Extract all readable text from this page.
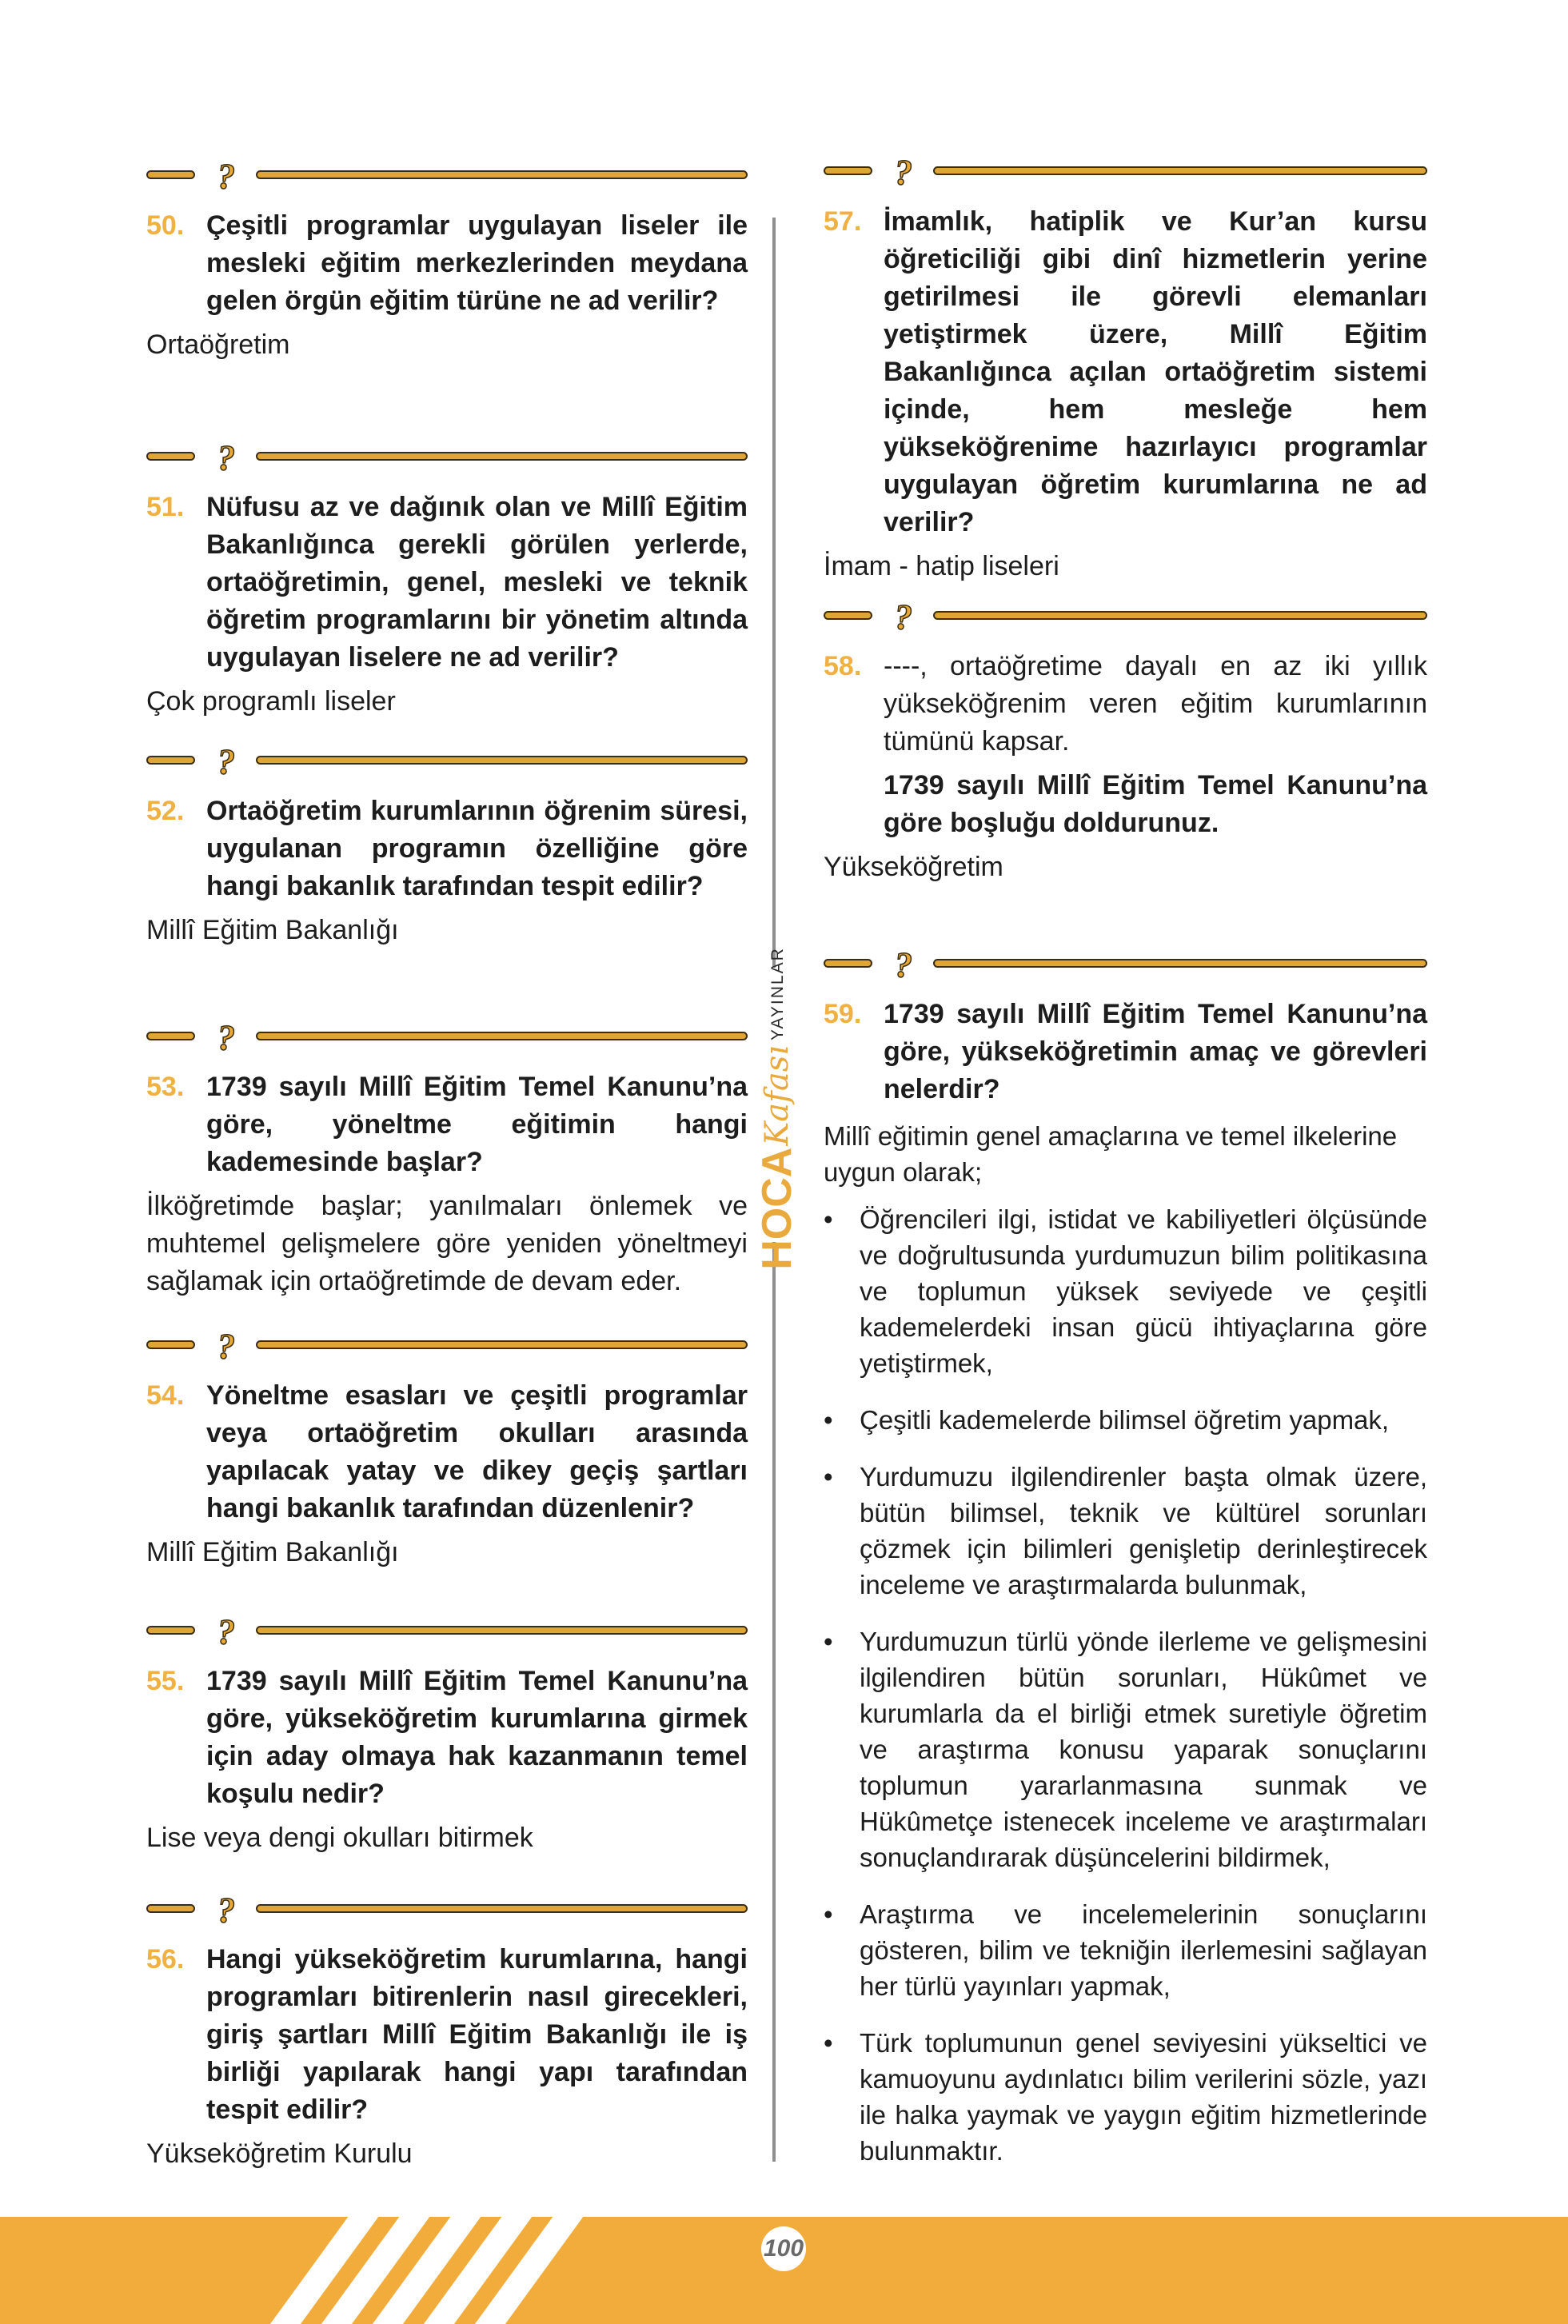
?
50. Çeşitli programlar uygulayan liseler ile mesleki eğitim merkezlerinden meydana gelen örgün eğitim türüne ne ad verilir?
Ortaöğretim
?
51. Nüfusu az ve dağınık olan ve Millî Eğitim Bakanlığınca gerekli görülen yerlerde, ortaöğretimin, genel, mesleki ve teknik öğretim programlarını bir yönetim altında uygulayan liselere ne ad verilir?
Çok programlı liseler
?
52. Ortaöğretim kurumlarının öğrenim süresi, uygulanan programın özelliğine göre hangi bakanlık tarafından tespit edilir?
Millî Eğitim Bakanlığı
?
53. 1739 sayılı Millî Eğitim Temel Kanunu’na göre, yöneltme eğitimin hangi kademesinde başlar?
İlköğretimde başlar; yanılmaları önlemek ve muhtemel gelişmelere göre yeniden yöneltmeyi sağlamak için ortaöğretimde de devam eder.
?
54. Yöneltme esasları ve çeşitli programlar veya ortaöğretim okulları arasında yapılacak yatay ve dikey geçiş şartları hangi bakanlık tarafından düzenlenir?
Millî Eğitim Bakanlığı
?
55. 1739 sayılı Millî Eğitim Temel Kanunu’na göre, yükseköğretim kurumlarına girmek için aday olmaya hak kazanmanın temel koşulu nedir?
Lise veya dengi okulları bitirmek
?
56. Hangi yükseköğretim kurumlarına, hangi programları bitirenlerin nasıl girecekleri, giriş şartları Millî Eğitim Bakanlığı ile iş birliği yapılarak hangi yapı tarafından tespit edilir?
Yükseköğretim Kurulu
?
57. İmamlık, hatiplik ve Kur’an kursu öğreticiliği gibi dinî hizmetlerin yerine getirilmesi ile görevli elemanları yetiştirmek üzere, Millî Eğitim Bakanlığınca açılan ortaöğretim sistemi içinde, hem mesleğe hem yükseköğrenime hazırlayıcı programlar uygulayan öğretim kurumlarına ne ad verilir?
İmam - hatip liseleri
?
58. ----, ortaöğretime dayalı en az iki yıllık yükseköğrenim veren eğitim kurumlarının tümünü kapsar.
1739 sayılı Millî Eğitim Temel Kanunu’na göre boşluğu doldurunuz.
Yükseköğretim
?
59. 1739 sayılı Millî Eğitim Temel Kanunu’na göre, yükseköğretimin amaç ve görevleri nelerdir?
Millî eğitimin genel amaçlarına ve temel ilkelerine uygun olarak;
•	Öğrencileri ilgi, istidat ve kabiliyetleri ölçüsünde ve doğrultusunda yurdumuzun bilim politikasına ve toplumun yüksek seviyede ve çeşitli kademelerdeki insan gücü ihtiyaçlarına göre yetiştirmek,
•	Çeşitli kademelerde bilimsel öğretim yapmak,
•	Yurdumuzu ilgilendirenler başta olmak üzere, bütün bilimsel, teknik ve kültürel sorunları çözmek için bilimleri genişletip derinleştirecek inceleme ve araştırmalarda bulunmak,
•	Yurdumuzun türlü yönde ilerleme ve gelişmesini ilgilendiren bütün sorunları, Hükûmet ve kurumlarla da el birliği etmek suretiyle öğretim ve araştırma konusu yaparak sonuçlarını toplumun yararlanmasına sunmak ve Hükûmetçe istenecek inceleme ve araştırmaları sonuçlandırarak düşüncelerini bildirmek,
•	Araştırma ve incelemelerinin sonuçlarını gösteren, bilim ve tekniğin ilerlemesini sağlayan her türlü yayınları yapmak,
•	Türk toplumunun genel seviyesini yükseltici ve kamuoyunu aydınlatıcı bilim verilerini sözle, yazı ile halka yaymak ve yaygın eğitim hizmetlerinde bulunmaktır.
HOCA
Kafası
YAYINLAR
100
